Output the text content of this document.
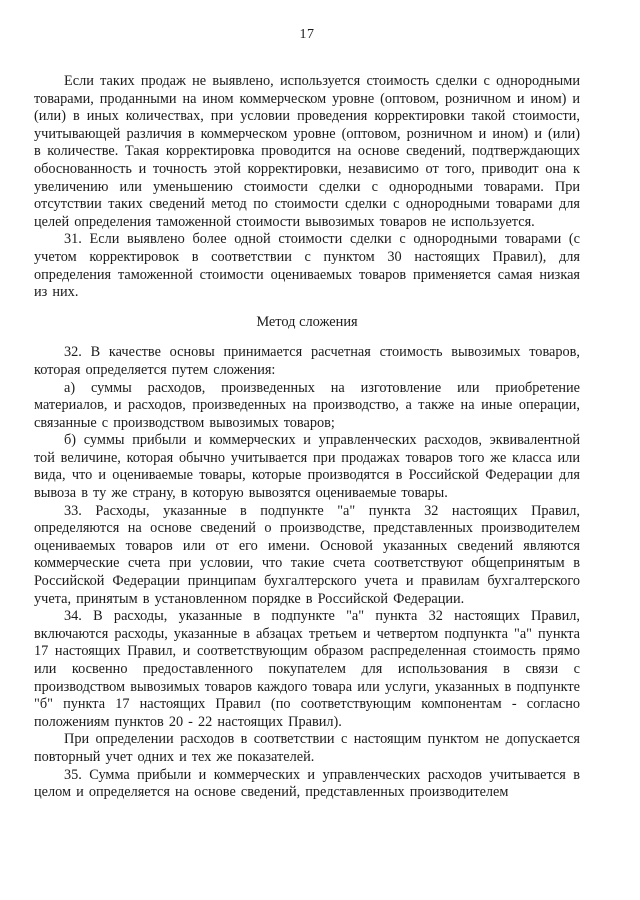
17

Если таких продаж не выявлено, используется стоимость сделки с однородными товарами, проданными на ином коммерческом уровне (оптовом, розничном и ином) и (или) в иных количествах, при условии проведения корректировки такой стоимости, учитывающей различия в коммерческом уровне (оптовом, розничном и ином) и (или) в количестве. Такая корректировка проводится на основе сведений, подтверждающих обоснованность и точность этой корректировки, независимо от того, приводит она к увеличению или уменьшению стоимости сделки с однородными товарами. При отсутствии таких сведений метод по стоимости сделки с однородными товарами для целей определения таможенной стоимости вывозимых товаров не используется.

31. Если выявлено более одной стоимости сделки с однородными товарами (с учетом корректировок в соответствии с пунктом 30 настоящих Правил), для определения таможенной стоимости оцениваемых товаров применяется самая низкая из них.

Метод сложения

32. В качестве основы принимается расчетная стоимость вывозимых товаров, которая определяется путем сложения:

а) суммы расходов, произведенных на изготовление или приобретение материалов, и расходов, произведенных на производство, а также на иные операции, связанные с производством вывозимых товаров;

б) суммы прибыли и коммерческих и управленческих расходов, эквивалентной той величине, которая обычно учитывается при продажах товаров того же класса или вида, что и оцениваемые товары, которые производятся в Российской Федерации для вывоза в ту же страну, в которую вывозятся оцениваемые товары.

33. Расходы, указанные в подпункте "а" пункта 32 настоящих Правил, определяются на основе сведений о производстве, представленных производителем оцениваемых товаров или от его имени. Основой указанных сведений являются коммерческие счета при условии, что такие счета соответствуют общепринятым в Российской Федерации принципам бухгалтерского учета и правилам бухгалтерского учета, принятым в установленном порядке в Российской Федерации.

34. В расходы, указанные в подпункте "а" пункта 32 настоящих Правил, включаются расходы, указанные в абзацах третьем и четвертом подпункта "а" пункта 17 настоящих Правил, и соответствующим образом распределенная стоимость прямо или косвенно предоставленного покупателем для использования в связи с производством вывозимых товаров каждого товара или услуги, указанных в подпункте "б" пункта 17 настоящих Правил (по соответствующим компонентам - согласно положениям пунктов 20 - 22 настоящих Правил).

При определении расходов в соответствии с настоящим пунктом не допускается повторный учет одних и тех же показателей.

35. Сумма прибыли и коммерческих и управленческих расходов учитывается в целом и определяется на основе сведений, представленных производителем
